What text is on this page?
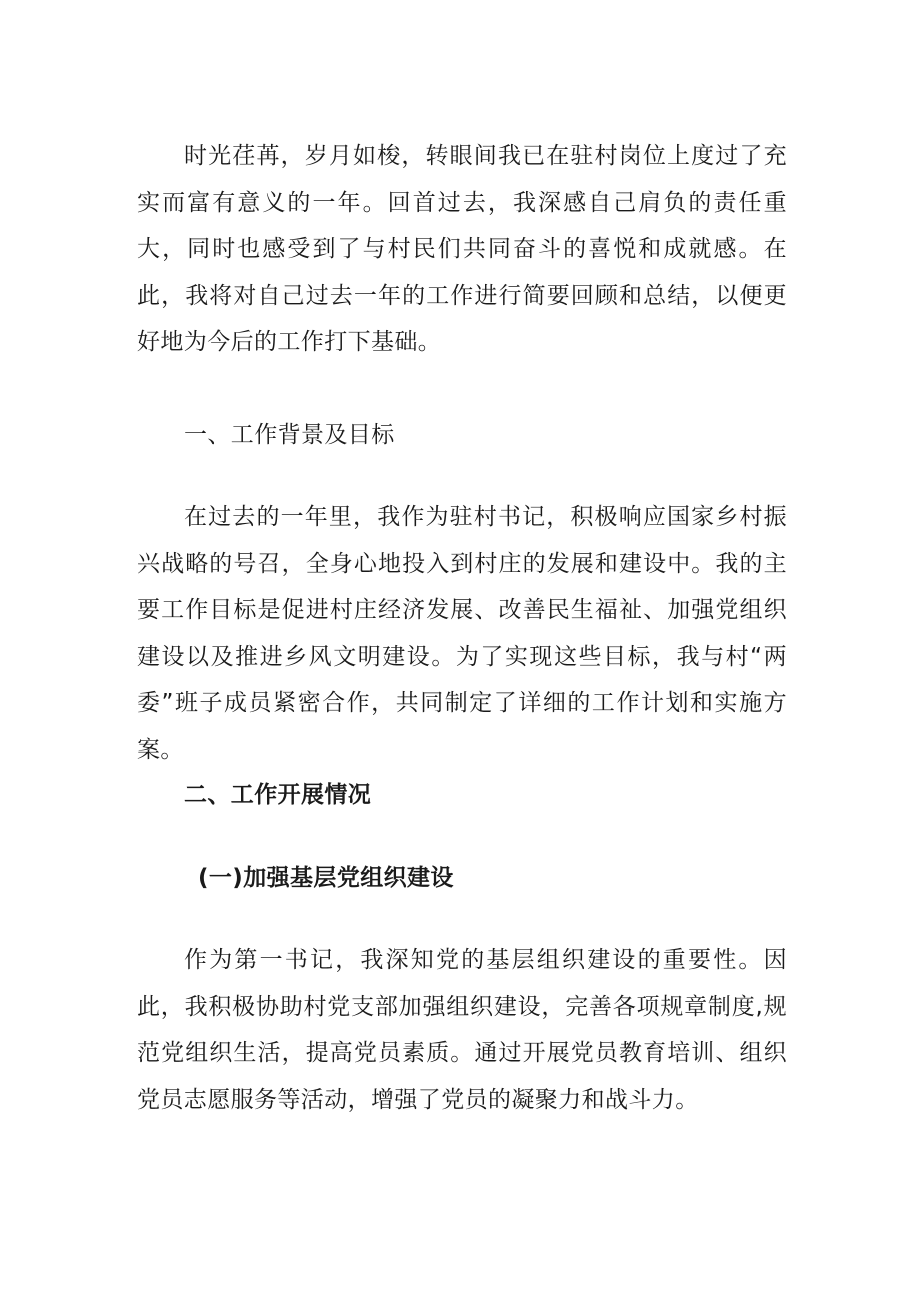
时光荏苒，岁月如梭，转眼间我已在驻村岗位上度过了充实而富有意义的一年。回首过去，我深感自己肩负的责任重大，同时也感受到了与村民们共同奋斗的喜悦和成就感。在此，我将对自己过去一年的工作进行简要回顾和总结，以便更好地为今后的工作打下基础。

一、工作背景及目标

在过去的一年里，我作为驻村书记，积极响应国家乡村振兴战略的号召，全身心地投入到村庄的发展和建设中。我的主要工作目标是促进村庄经济发展、改善民生福祉、加强党组织建设以及推进乡风文明建设。为了实现这些目标，我与村“两委”班子成员紧密合作，共同制定了详细的工作计划和实施方案。

二、工作开展情况

(一)加强基层党组织建设

作为第一书记，我深知党的基层组织建设的重要性。因此，我积极协助村党支部加强组织建设，完善各项规章制度,规范党组织生活，提高党员素质。通过开展党员教育培训、组织党员志愿服务等活动，增强了党员的凝聚力和战斗力。
